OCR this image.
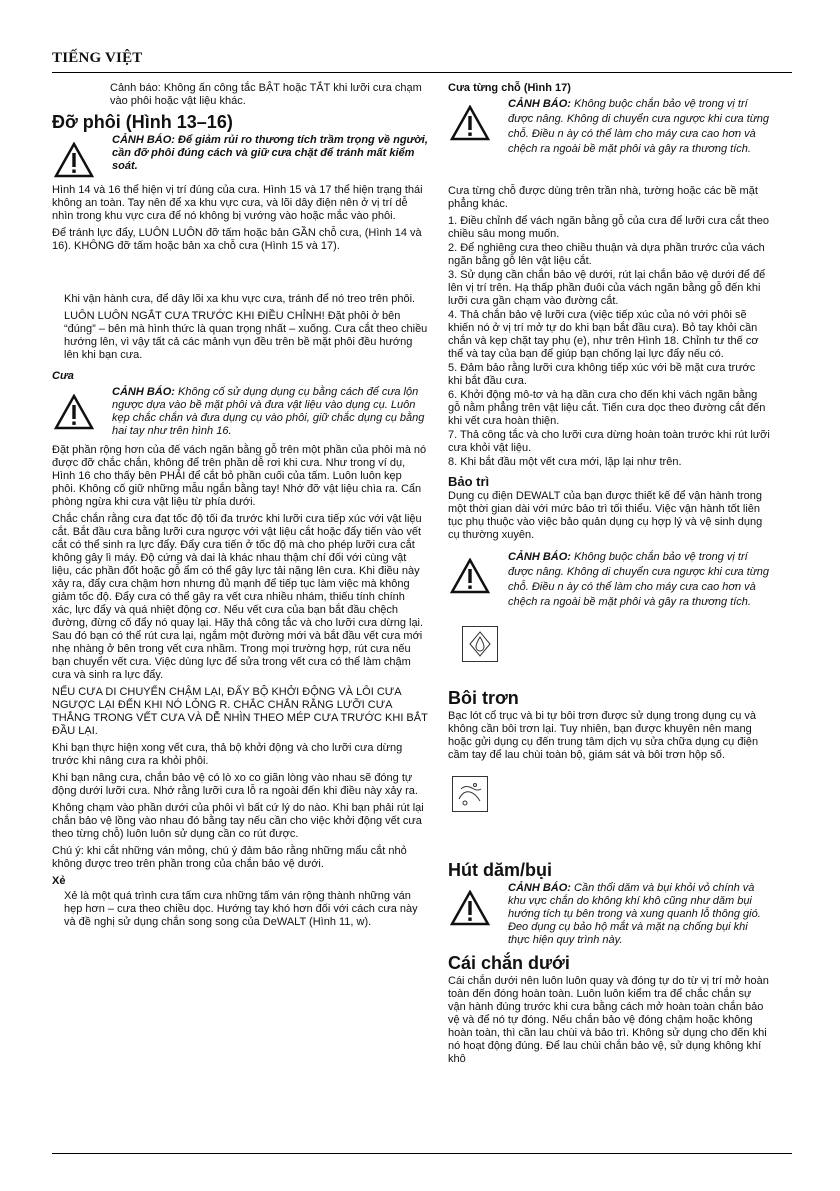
TIẾNG VIỆT

Cảnh báo: Không ấn công tắc BẬT hoặc TẮT khi lưỡi cưa chạm vào phôi hoặc vật liệu khác.

Đỡ phôi (Hình 13–16)
CẢNH BÁO: Để giảm rủi ro thương tích trầm trọng về người, cần đỡ phôi đúng cách và giữ cưa chặt để tránh mất kiểm soát.

Hình 14 và 16 thể hiện vị trí đúng của cưa. Hình 15 và 17 thể hiện trạng thái không an toàn. Tay nên để xa khu vực cưa, và lõi dây điện nên ở vị trí dễ nhìn trong khu vực cưa để nó không bị vướng vào hoặc mắc vào phôi.

Để tránh lực đẩy, LUÔN LUÔN đỡ tấm hoặc bản GẦN chỗ cưa, (Hình 14 và 16). KHÔNG đỡ tấm hoặc bản xa chỗ cưa (Hình 15 và 17).

Khi vận hành cưa, để dây lõi xa khu vực cưa, tránh để nó treo trên phôi.

LUÔN LUÔN NGẮT CƯA TRƯỚC KHI ĐIỀU CHỈNH! Đặt phôi ở bên “đúng” – bên mà hình thức là quan trọng nhất – xuống. Cưa cắt theo chiều hướng lên, vì vậy tất cả các mảnh vụn đều trên bề mặt phôi đều hướng lên khi bạn cưa.

Cưa
CẢNH BÁO: Không cố sử dụng dụng cụ bằng cách để cưa lộn ngược dựa vào bề mặt phôi và đưa vật liệu vào dụng cụ. Luôn kẹp chắc chắn và đưa dụng cụ vào phôi, giữ chắc dụng cụ bằng hai tay như trên hình 16.

Đặt phần rộng hơn của đế vách ngăn bằng gỗ trên một phần của phôi mà nó được đỡ chắc chắn, không để trên phần dễ rơi khi cưa. Như trong ví dụ, Hình 16 cho thấy bên PHẢI để cắt bỏ phần cuối của tấm. Luôn luôn kẹp phôi. Không cố giữ những mẫu ngắn bằng tay! Nhớ đỡ vật liệu chìa ra. Cẩn phòng ngừa khi cưa vật liệu từ phía dưới.

Chắc chắn rằng cưa đạt tốc độ tối đa trước khi lưỡi cưa tiếp xúc với vật liệu cắt. Bắt đầu cưa bằng lưỡi cưa ngược với vật liệu cắt hoặc đẩy tiến vào vết cắt có thể sinh ra lực đẩy. Đẩy cưa tiến ở tốc độ mà cho phép lưỡi cưa cắt không gây lì máy. Độ cứng và dai là khác nhau thậm chí đối với cùng vật liệu, các phần đốt hoặc gỗ ẩm có thể gây lực tải nặng lên cưa. Khi điều này xảy ra, đẩy cưa chậm hơn nhưng đủ mạnh để tiếp tục làm việc mà không giảm tốc độ. Đẩy cưa có thể gây ra vết cưa nhiều nhám, thiếu tính chính xác, lực đẩy và quá nhiệt động cơ. Nếu vết cưa của bạn bắt đầu chệch đường, đừng cố đẩy nó quay lại. Hãy thả công tắc và cho lưỡi cưa dừng lại. Sau đó bạn có thể rút cưa lại, ngắm một đường mới và bắt đầu vết cưa mới nhẹ nhàng ở bên trong vết cưa nhầm. Trong mọi trường hợp, rút cưa nếu bạn chuyển vết cưa. Việc dùng lực để sửa trong vết cưa có thể làm chậm cưa và sinh ra lực đẩy.

NẾU CƯA DI CHUYỂN CHẬM LẠI, ĐẨY BỘ KHỞI ĐỘNG VÀ LÔI CƯA NGƯỢC LẠI ĐẾN KHI NÓ LỎNG R. CHẮC CHẮN RẰNG LƯỠI CƯA THẲNG TRONG VẾT CƯA VÀ DỄ NHÌN THEO MÉP CƯA TRƯỚC KHI BẮT ĐẦU LẠI.

Khi bạn thực hiện xong vết cưa, thả bộ khởi động và cho lưỡi cưa dừng trước khi nâng cưa ra khỏi phôi.

Khi bạn nâng cưa, chắn bảo vệ có lò xo co giãn lòng vào nhau sẽ đóng tự động dưới lưỡi cưa. Nhớ rằng lưỡi cưa lỗ ra ngoài đến khi điều này xảy ra.

Không chạm vào phần dưới của phôi vì bất cứ lý do nào. Khi bạn phải rút lại chắn bảo vệ lồng vào nhau đó bằng tay nếu cần cho việc khởi động vết cưa theo từng chỗ) luôn luôn sử dụng cần co rút được.

Chú ý: khi cắt những ván mỏng, chú ý đảm bảo rằng những mẩu cắt nhỏ không được treo trên phần trong của chắn bảo vệ dưới.

Xẻ

Xẻ là một quá trình cưa tấm cưa những tấm ván rộng thành những ván hẹp hơn – cưa theo chiều dọc. Hướng tay khó hơn đối với cách cưa này và đề nghị sử dụng chắn song song của DeWALT (Hình 11, w).

Cưa từng chỗ (Hình 17)
CẢNH BÁO: Không buộc chắn bảo vệ trong vị trí được nâng. Không di chuyển cưa ngược khi cưa từng chỗ. Điều n ày có thể làm cho máy cưa cao hơn và chệch ra ngoài bề mặt phôi và gây ra thương tích.

Cưa từng chỗ được dùng trên trần nhà, tường hoặc các bề mặt phẳng khác.

1. Điều chỉnh để vách ngăn bằng gỗ của cưa để lưỡi cưa cắt theo chiều sâu mong muốn.

2. Để nghiêng cưa theo chiều thuận và dựa phần trước của vách ngăn bằng gỗ lên vật liệu cắt.

3. Sử dụng cần chắn bảo vệ dưới, rút lại chắn bảo vệ dưới để để lên vị trí trên. Hạ thấp phần đuôi của vách ngăn bằng gỗ đến khi lưỡi cưa gần chạm vào đường cắt.

4. Thả chắn bảo vệ lưỡi cưa (việc tiếp xúc của nó với phôi sẽ khiến nó ở vị trí mở tự do khi bạn bắt đầu cưa). Bỏ tay khỏi cần chắn và kẹp chặt tay phụ (e), như trên Hình 18. Chỉnh tư thế cơ thể và tay của bạn để giúp bạn chống lại lực đẩy nếu có.

5. Đảm bảo rằng lưỡi cưa không tiếp xúc với bề mặt cưa trước khi bắt đầu cưa.

6. Khởi động mô-tơ và hạ dần cưa cho đến khi vách ngăn bằng gỗ nằm phẳng trên vật liệu cắt. Tiến cưa dọc theo đường cắt đến khi vết cưa hoàn thiện.

7. Thả công tắc và cho lưỡi cưa dừng hoàn toàn trước khi rút lưỡi cưa khỏi vật liệu.

8. Khi bắt đầu một vết cưa mới, lặp lại như trên.

Bảo trì

Dụng cụ điện DEWALT của bạn được thiết kế để vận hành trong một thời gian dài với mức bảo trì tối thiểu. Việc vận hành tốt liên tục phụ thuộc vào việc bảo quản dụng cụ hợp lý và vệ sinh dụng cụ thường xuyên.

CẢNH BÁO: Không buộc chắn bảo vệ trong vị trí được nâng. Không di chuyển cưa ngược khi cưa từng chỗ. Điều n ày có thể làm cho máy cưa cao hơn và chệch ra ngoài bề mặt phôi và gây ra thương tích.
Bôi trơn

Bạc lót cổ trục và bi tự bôi trơn được sử dụng trong dụng cụ và không cần bôi trơn lại. Tuy nhiên, bạn được khuyên nên mang hoặc gửi dụng cụ đến trung tâm dịch vụ sửa chữa dụng cụ điện cầm tay để lau chùi toàn bộ, giám sát và bôi trơn hộp số.

Hút dăm/bụi
CẢNH BÁO: Cần thổi dăm và bụi khỏi vỏ chính và khu vực chắn do không khí khô cũng như dăm bụi hướng tích tụ bên trong và xung quanh lỗ thông gió. Đeo dụng cụ bảo hộ mắt và mặt nạ chống bụi khi thực hiện quy trình này.
Cái chắn dưới

Cái chắn dưới nên luôn luôn quay và đóng tự do từ vị trí mở hoàn toàn đến đóng hoàn toàn. Luôn luôn kiểm tra để chắc chắn sự vận hành đúng trước khi cưa bằng cách mở hoàn toàn chắn bảo vệ và để nó tự đóng. Nếu chắn bảo vệ đóng chậm hoặc không hoàn toàn, thì cần lau chùi và bảo trì. Không sử dụng cho đến khi nó hoạt động đúng. Để lau chùi chắn bảo vệ, sử dụng không khí khô
